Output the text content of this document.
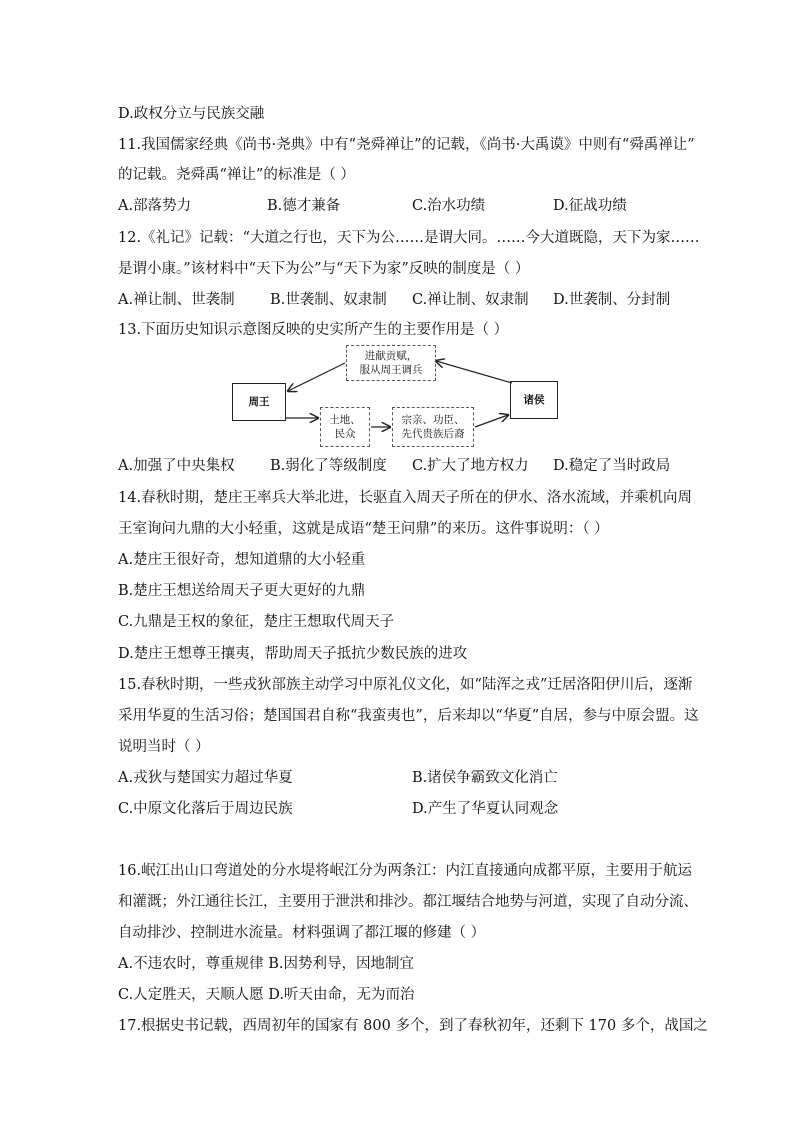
D.政权分立与民族交融
11.我国儒家经典《尚书·尧典》中有“尧舜禅让”的记载，《尚书·大禹谟》中则有“舜禹禅让”
的记载。尧舜禹“禅让”的标准是（ ）
A.部落势力	B.德才兼备	C.治水功绩	D.征战功绩
12.《礼记》记载：“大道之行也，天下为公……是谓大同。……今大道既隐，天下为家……
是谓小康。”该材料中“天下为公”与“天下为家”反映的制度是（ ）
A.禅让制、世袭制 B.世袭制、奴隶制 C.禅让制、奴隶制 D.世袭制、分封制
13.下面历史知识示意图反映的史实所产生的主要作用是（ ）
周王
进献贡赋，
服从周王调兵
土地、
民众
宗亲、功臣、
先代贵族后裔
诸侯
A.加强了中央集权 B.弱化了等级制度 C.扩大了地方权力 D.稳定了当时政局
14.春秋时期，楚庄王率兵大举北进，长驱直入周天子所在的伊水、洛水流域，并乘机向周
王室询问九鼎的大小轻重，这就是成语“楚王问鼎”的来历。这件事说明：（ ）
A.楚庄王很好奇，想知道鼎的大小轻重
B.楚庄王想送给周天子更大更好的九鼎
C.九鼎是王权的象征，楚庄王想取代周天子
D.楚庄王想尊王攘夷，帮助周天子抵抗少数民族的进攻
15.春秋时期，一些戎狄部族主动学习中原礼仪文化，如“陆浑之戎”迁居洛阳伊川后，逐渐
采用华夏的生活习俗；楚国国君自称“我蛮夷也”，后来却以“华夏”自居，参与中原会盟。这
说明当时（ ）
A.戎狄与楚国实力超过华夏	B.诸侯争霸致文化消亡
C.中原文化落后于周边民族	D.产生了华夏认同观念
16.岷江出山口弯道处的分水堤将岷江分为两条江：内江直接通向成都平原，主要用于航运
和灌溉；外江通往长江，主要用于泄洪和排沙。都江堰结合地势与河道，实现了自动分流、
自动排沙、控制进水流量。材料强调了都江堰的修建（ ）
A.不违农时，尊重规律 B.因势利导，因地制宜
C.人定胜天，天顺人愿 D.听天由命，无为而治
17.根据史书记载，西周初年的国家有 800 多个，到了春秋初年，还剩下 170 多个，战国之
